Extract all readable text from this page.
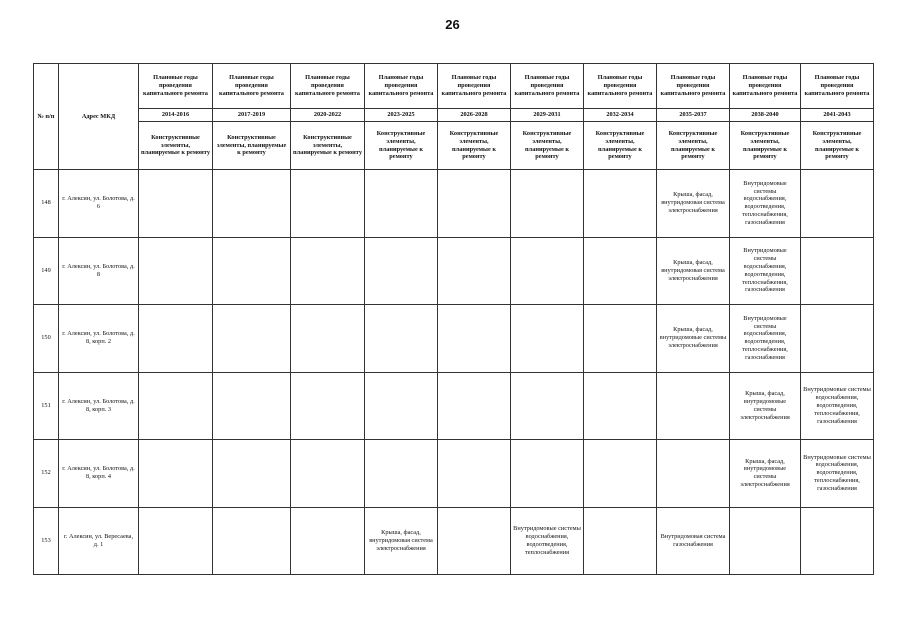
26
№ п/п	Адрес МКД	Плановые годы проведения капитального ремонта	Плановые годы проведения капитального ремонта	Плановые годы проведения капитального ремонта	Плановые годы проведения капитального ремонта	Плановые годы проведения капитального ремонта	Плановые годы проведения капитального ремонта	Плановые годы проведения капитального ремонта	Плановые годы проведения капитального ремонта	Плановые годы проведения капитального ремонта	Плановые годы проведения капитального ремонта
		2014-2016	2017-2019	2020-2022	2023-2025	2026-2028	2029-2031	2032-2034	2035-2037	2038-2040	2041-2043
		Конструктивные элементы, планируемые к ремонту	Конструктивные элементы, планируемые к ремонту	Конструктивные элементы, планируемые к ремонту	Конструктивные элементы, планируемые к ремонту	Конструктивные элементы, планируемые к ремонту	Конструктивные элементы, планируемые к ремонту	Конструктивные элементы, планируемые к ремонту	Конструктивные элементы, планируемые к ремонту	Конструктивные элементы, планируемые к ремонту	Конструктивные элементы, планируемые к ремонту
148	г. Алексин, ул. Болотова, д. 6								Крыша, фасад, внутридомовая система электроснабжения	Внутридомовые системы водоснабжения, водоотведения, теплоснабжения, газоснабжения	
149	г. Алексин, ул. Болотова, д. 8								Крыша, фасад, внутридомовая система электроснабжения	Внутридомовые системы водоснабжения, водоотведения, теплоснабжения, газоснабжения	
150	г. Алексин, ул. Болотова, д. 8, корп. 2								Крыша, фасад, внутридомовые системы электроснабжения	Внутридомовые системы водоснабжения, водоотведения, теплоснабжения, газоснабжения	
151	г. Алексин, ул. Болотова, д. 8, корп. 3									Крыша, фасад, внутридомовые системы электроснабжения	Внутридомовые системы водоснабжения, водоотведения, теплоснабжения, газоснабжения
152	г. Алексин, ул. Болотова, д. 8, корп. 4									Крыша, фасад, внутридомовые системы электроснабжения	Внутридомовые системы водоснабжения, водоотведения, теплоснабжения, газоснабжения
153	г. Алексин, ул. Вересаева, д. 1				Крыша, фасад, внутридомовая система электроснабжения		Внутридомовые системы водоснабжения, водоотведения, теплоснабжения		Внутридомовая система газоснабжения		
